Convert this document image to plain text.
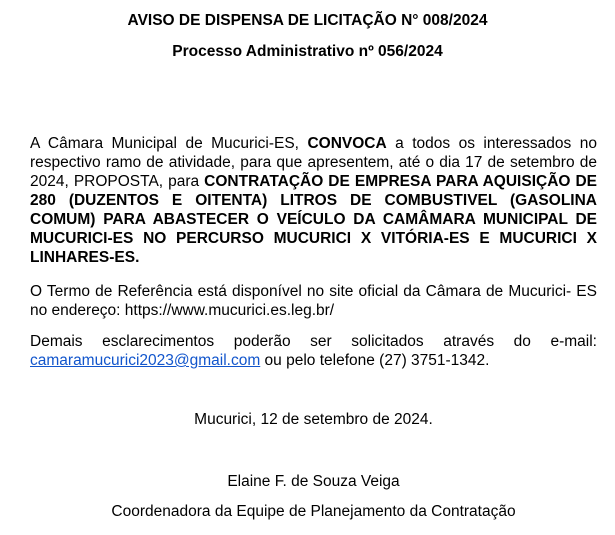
AVISO DE DISPENSA DE LICITAÇÃO N° 008/2024
Processo Administrativo nº 056/2024

A Câmara Municipal de Mucurici-ES, CONVOCA a todos os interessados no respectivo ramo de atividade, para que apresentem, até o dia 17 de setembro de 2024, PROPOSTA, para CONTRATAÇÃO DE EMPRESA PARA AQUISIÇÃO DE 280 (DUZENTOS E OITENTA) LITROS DE COMBUSTIVEL (GASOLINA COMUM) PARA ABASTECER O VEÍCULO DA CAMÂMARA MUNICIPAL DE MUCURICI-ES NO PERCURSO MUCURICI X VITÓRIA-ES E MUCURICI X LINHARES-ES.

O Termo de Referência está disponível no site oficial da Câmara de Mucurici- ES no endereço: https://www.mucurici.es.leg.br/

Demais esclarecimentos poderão ser solicitados através do e-mail: camaramucurici2023@gmail.com ou pelo telefone (27) 3751-1342.

Mucurici, 12 de setembro de 2024.

Elaine F. de Souza Veiga

Coordenadora da Equipe de Planejamento da Contratação
